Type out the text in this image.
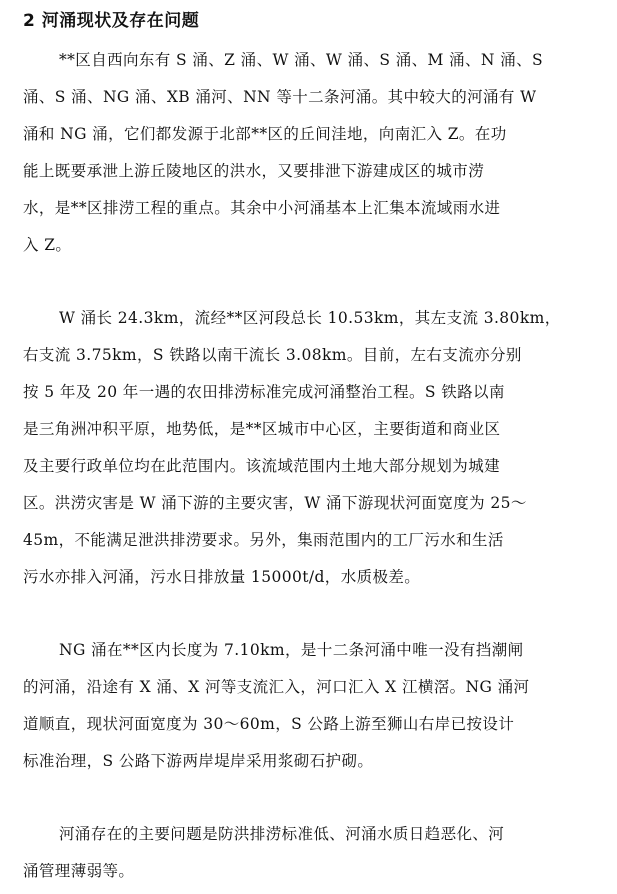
2 河涌现状及存在问题
**区自西向东有 S 涌、Z 涌、W 涌、W 涌、S 涌、M 涌、N 涌、S
涌、S 涌、NG 涌、XB 涌河、NN 等十二条河涌。其中较大的河涌有 W
涌和 NG 涌，它们都发源于北部**区的丘间洼地，向南汇入 Z。在功
能上既要承泄上游丘陵地区的洪水，又要排泄下游建成区的城市涝
水，是**区排涝工程的重点。其余中小河涌基本上汇集本流域雨水进
入 Z。
W 涌长 24.3km，流经**区河段总长 10.53km，其左支流 3.80km，
右支流 3.75km，S 铁路以南干流长 3.08km。目前，左右支流亦分别
按 5 年及 20 年一遇的农田排涝标准完成河涌整治工程。S 铁路以南
是三角洲冲积平原，地势低，是**区城市中心区，主要街道和商业区
及主要行政单位均在此范围内。该流域范围内土地大部分规划为城建
区。洪涝灾害是 W 涌下游的主要灾害，W 涌下游现状河面宽度为 25～
45m，不能满足泄洪排涝要求。另外，集雨范围内的工厂污水和生活
污水亦排入河涌，污水日排放量 15000t/d，水质极差。
NG 涌在**区内长度为 7.10km，是十二条河涌中唯一没有挡潮闸
的河涌，沿途有 X 涌、X 河等支流汇入，河口汇入 X 江横滘。NG 涌河
道顺直，现状河面宽度为 30～60m，S 公路上游至狮山右岸已按设计
标准治理，S 公路下游两岸堤岸采用浆砌石护砌。
河涌存在的主要问题是防洪排涝标准低、河涌水质日趋恶化、河
涌管理薄弱等。
